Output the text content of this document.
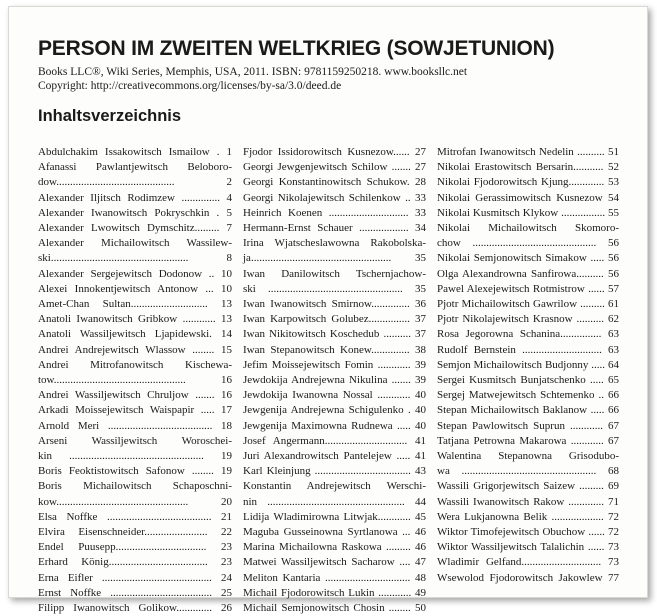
PERSON IM ZWEITEN WELTKRIEG (SOWJETUNION)
Books LLC®, Wiki Series, Memphis, USA, 2011. ISBN: 9781159250218. www.booksllc.net
Copyright: http://creativecommons.org/licenses/by-sa/3.0/deed.de
Inhaltsverzeichnis

Abdulchakim Issakowitsch Ismailow . 1

Afanassi Pawlantjewitsch Beloboro-

dow........................................... 2

Alexander Iljitsch Rodimzew .............. 4

Alexander Iwanowitsch Pokryschkin . 5

Alexander Lwowitsch Dymschitz......... 7

Alexander Michailowitsch Wassilew-

ski.................................................. 8

Alexander Sergejewitsch Dodonow .. 10

Alexei Innokentjewitsch Antonow ... 10

Amet-Chan Sultan............................ 13

Anatoli Iwanowitsch Gribkow ............ 13

Anatoli Wassiljewitsch Ljapidewski. 14

Andrei Andrejewitsch Wlassow ........ 15

Andrei Mitrofanowitsch Kischewa-

tow................................................ 16

Andrei Wassiljewitsch Chruljow ....... 16

Arkadi Moissejewitsch Waispapir ..... 17

Arnold Meri ...................................... 18

Arseni Wassiljewitsch Woroschei-

kin ................................................. 19

Boris Feoktistowitsch Safonow ........ 19

Boris Michailowitsch Schaposchni-

kow................................................ 20

Elsa Noffke ...................................... 21

Elvira Eisenschneider....................... 22

Endel Puusepp................................. 23

Erhard König.................................... 23

Erna Eifler ........................................ 24

Ernst Noffke ..................................... 25

Filipp Iwanowitsch Golikow............. 26

Fjodor Issidorowitsch Kusnezow...... 27

Georgi Jewgenjewitsch Schilow ....... 27

Georgi Konstantinowitsch Schukow. 28

Georgi Nikolajewitsch Schilenkow .. 33

Heinrich Koenen ............................. 33

Hermann-Ernst Schauer .................. 34

Irina Wjatscheslawowna Rakobolska-

ja................................................... 35

Iwan Danilowitsch Tschernjachow-

ski ................................................. 35

Iwan Iwanowitsch Smirnow.............. 36

Iwan Karpowitsch Golubez............... 37

Iwan Nikitowitsch Koschedub .......... 37

Iwan Stepanowitsch Konew.............. 38

Jefim Moissejewitsch Fomin ............ 39

Jewdokija Andrejewna Nikulina ....... 39

Jewdokija Iwanowna Nossal ............ 40

Jewgenija Andrejewna Schigulenko . 40

Jewgenija Maximowna Rudnewa ..... 40

Josef Angermann.............................. 41

Juri Alexandrowitsch Pantelejew ..... 41

Karl Kleinjung ................................... 43

Konstantin Andrejewitsch Werschi-

nin .................................................. 44

Lidija Wladimirowna Litwjak............ 45

Maguba Gusseinowna Syrtlanowa ... 46

Marina Michailowna Raskowa ......... 46

Matwei Wassiljewitsch Sacharow .... 47

Meliton Kantaria ............................... 48

Michail Fjodorowitsch Lukin ............ 49

Michail Semjonowitsch Chosin ........ 50

Mitrofan Iwanowitsch Nedelin .......... 51

Nikolai Erastowitsch Bersarin........... 52

Nikolai Fjodorowitsch Kjung............. 53

Nikolai Gerassimowitsch Kusnezow 54

Nikolai Kusmitsch Klykow ................ 55

Nikolai Michailowitsch Skomoro-

chow ............................................. 56

Nikolai Semjonowitsch Simakow ..... 56

Olga Alexandrowna Sanfirowa.......... 56

Pawel Alexejewitsch Rotmistrow ...... 57

Pjotr Michailowitsch Gawrilow ......... 61

Pjotr Nikolajewitsch Krasnow .......... 62

Rosa Jegorowna Schanina............... 63

Rudolf Bernstein ............................. 63

Semjon Michailowitsch Budjonny ..... 64

Sergei Kusmitsch Bunjatschenko ..... 65

Sergej Matwejewitsch Schtemenko .. 66

Stepan Michailowitsch Baklanow ..... 66

Stepan Pawlowitsch Suprun ............ 67

Tatjana Petrowna Makarowa ............ 67

Walentina Stepanowna Grisodubo-

wa ................................................. 68

Wassili Grigorjewitsch Saizew ......... 69

Wassili Iwanowitsch Rakow ............. 71

Wera Lukjanowna Belik ................... 72

Wiktor Timofejewitsch Obuchow ...... 72

Wiktor Wassiljewitsch Talalichin ...... 73

Wladimir Gelfand............................. 73

Wsewolod Fjodorowitsch Jakowlew 77
